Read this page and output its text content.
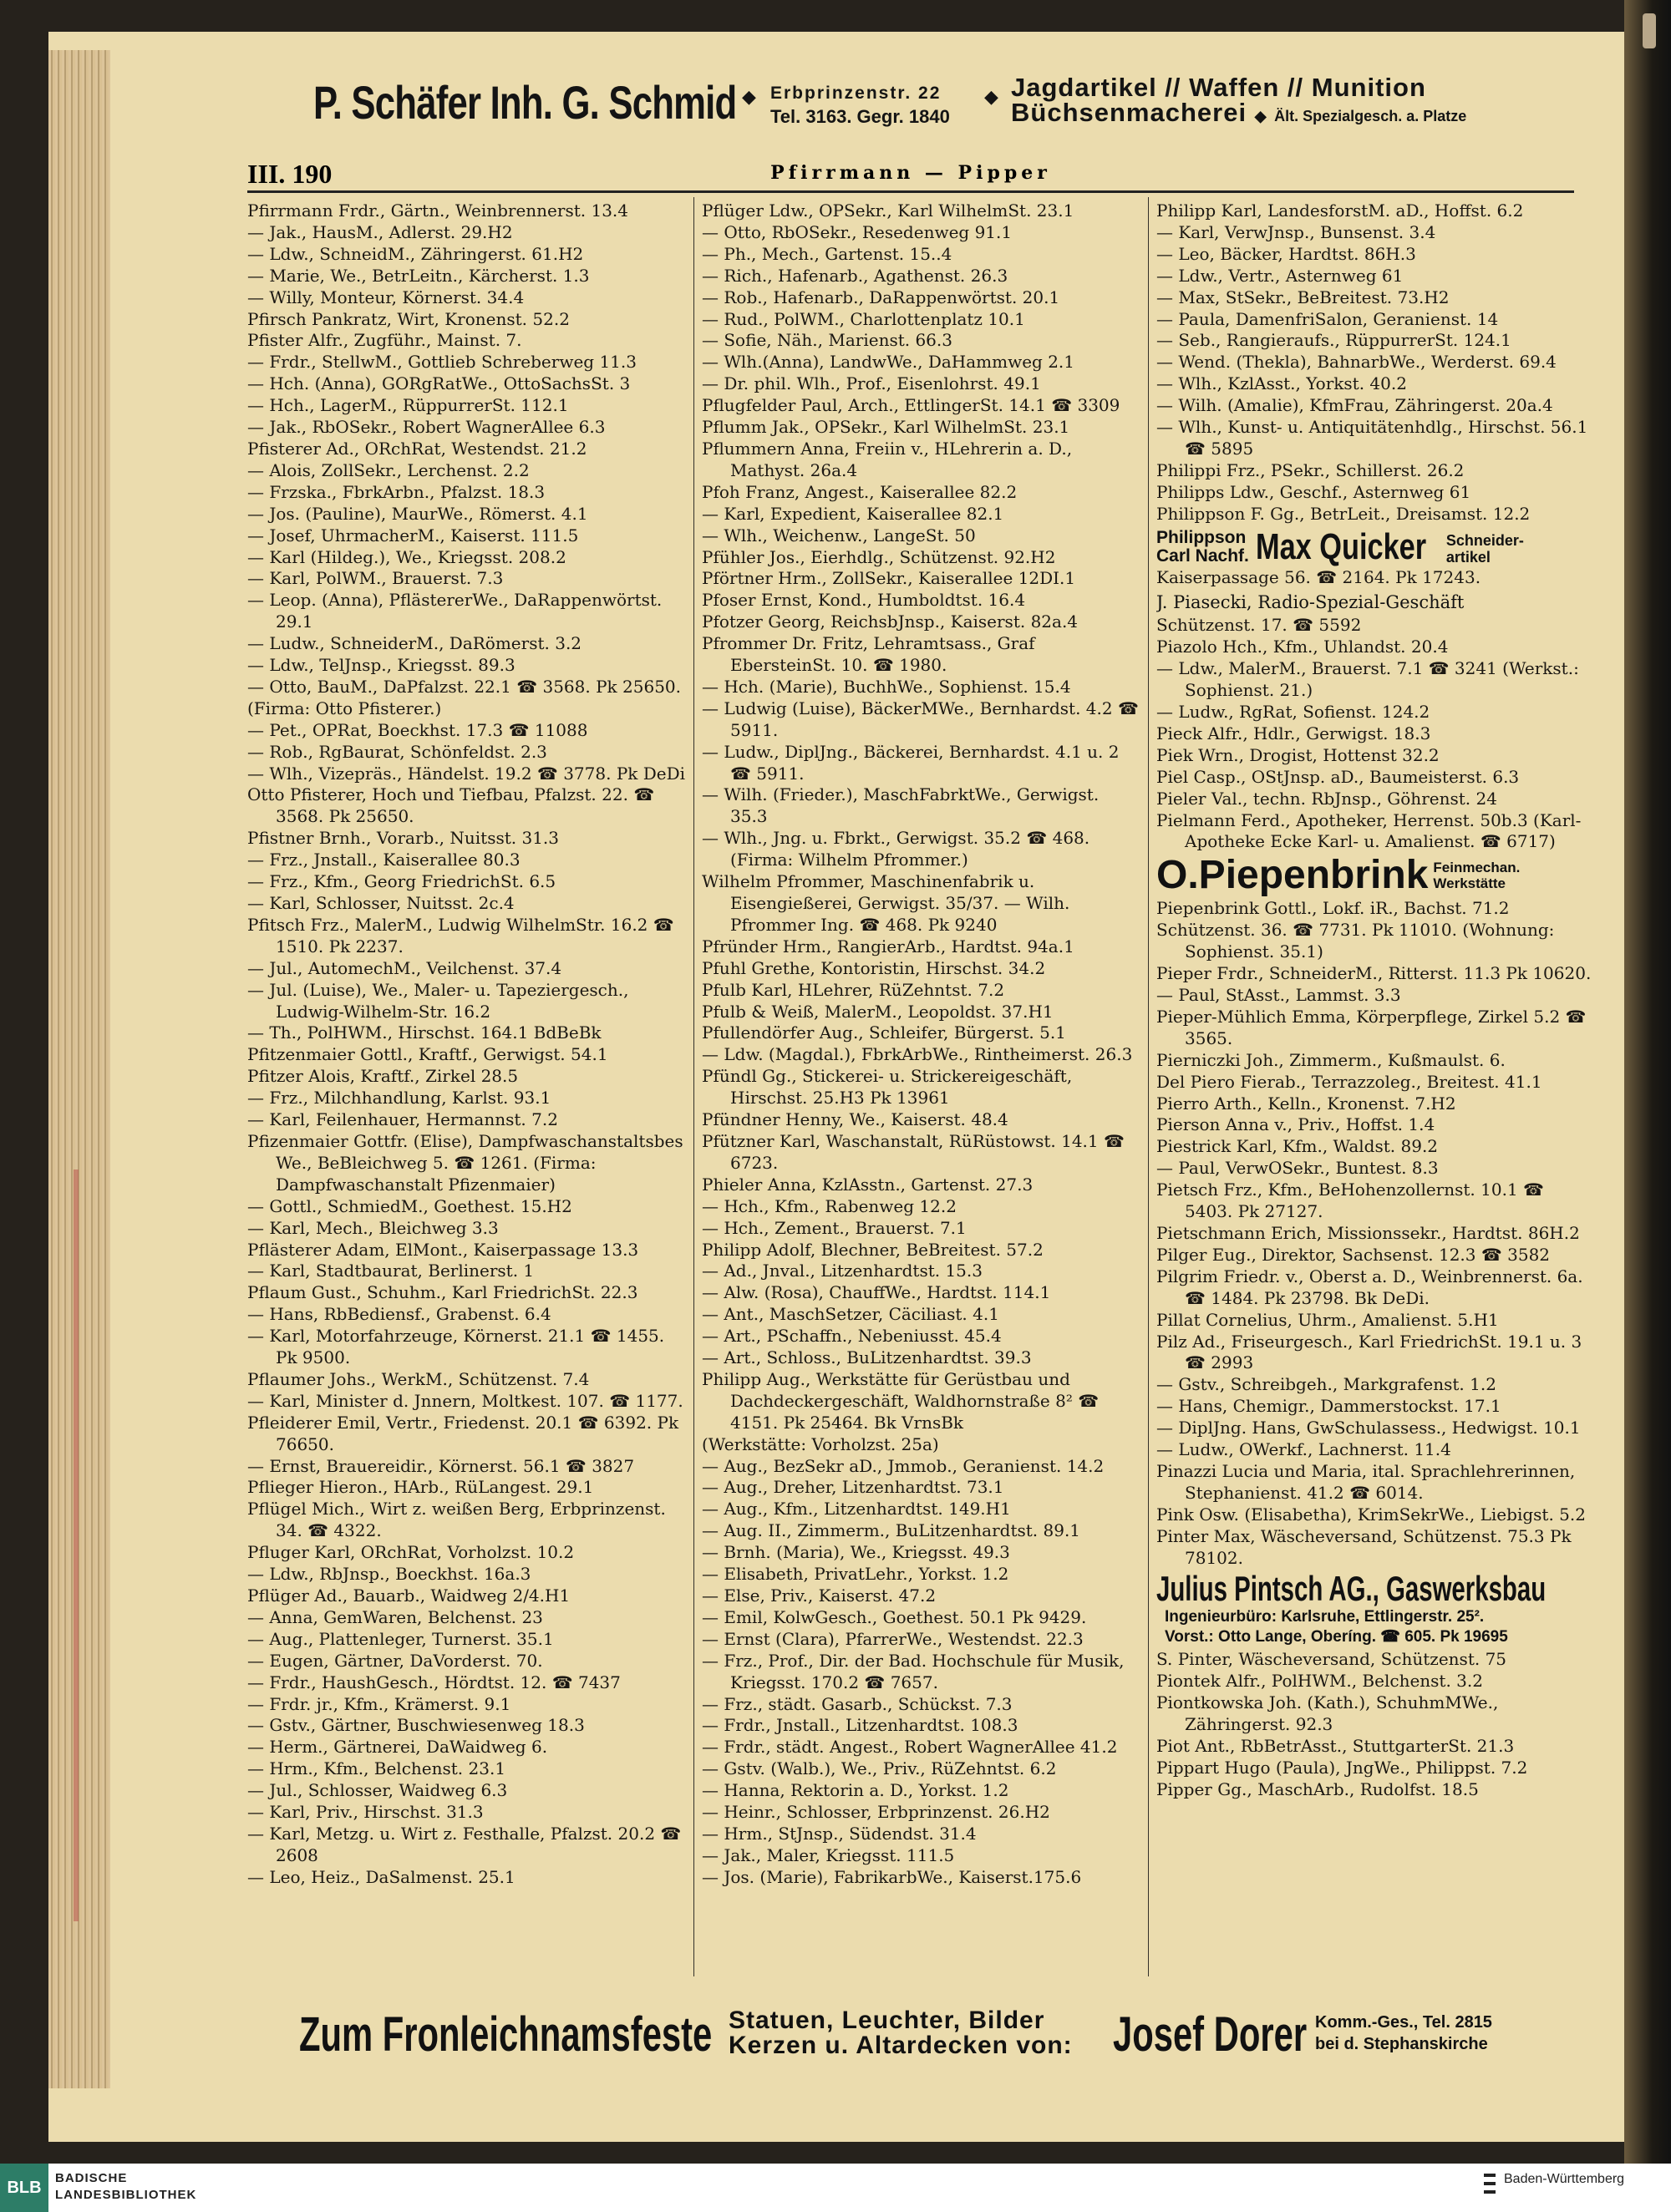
P. Schäfer Inh. G. Schmid ◆ Erbprinzenstr. 22
Tel. 3163. Gegr. 1840
◆ Jagdartikel // Waffen // Munition
Büchsenmacherei ◆ Ält. Spezialgesch. a. Platze
Pfirrmann — Pipper
III. 190

Pfirrmann Frdr., Gärtn., Weinbrennerst. 13.4

— Jak., HausM., Adlerst. 29.H2

— Ldw., SchneidM., Zähringerst. 61.H2

— Marie, We., BetrLeitn., Kärcherst. 1.3

— Willy, Monteur, Körnerst. 34.4

Pfirsch Pankratz, Wirt, Kronenst. 52.2

Pfister Alfr., Zugführ., Mainst. 7.

— Frdr., StellwM., Gottlieb Schreberweg 11.3

— Hch. (Anna), GORgRatWe., OttoSachsSt. 3

— Hch., LagerM., RüppurrerSt. 112.1

— Jak., RbOSekr., Robert WagnerAllee 6.3

Pfisterer Ad., ORchRat, Westendst. 21.2

— Alois, ZollSekr., Lerchenst. 2.2

— Frzska., FbrkArbn., Pfalzst. 18.3

— Jos. (Pauline), MaurWe., Römerst. 4.1

— Josef, UhrmacherM., Kaiserst. 111.5

— Karl (Hildeg.), We., Kriegsst. 208.2

— Karl, PolWM., Brauerst. 7.3

— Leop. (Anna), PflästererWe., DaRappenwörtst. 29.1

— Ludw., SchneiderM., DaRömerst. 3.2

— Ldw., TelJnsp., Kriegsst. 89.3

— Otto, BauM., DaPfalzst. 22.1 ☎ 3568. Pk 25650.

(Firma: Otto Pfisterer.)

— Pet., OPRat, Boeckhst. 17.3 ☎ 11088

— Rob., RgBaurat, Schönfeldst. 2.3

— Wlh., Vizepräs., Händelst. 19.2 ☎ 3778. Pk DeDi

Otto Pfisterer, Hoch und Tiefbau, Pfalzst. 22. ☎ 3568. Pk 25650.

Pfistner Brnh., Vorarb., Nuitsst. 31.3

— Frz., Jnstall., Kaiserallee 80.3

— Frz., Kfm., Georg FriedrichSt. 6.5

— Karl, Schlosser, Nuitsst. 2c.4

Pfitsch Frz., MalerM., Ludwig WilhelmStr. 16.2 ☎ 1510. Pk 2237.

— Jul., AutomechM., Veilchenst. 37.4

— Jul. (Luise), We., Maler- u. Tapeziergesch., Ludwig-Wilhelm-Str. 16.2

— Th., PolHWM., Hirschst. 164.1 BdBeBk

Pfitzenmaier Gottl., Kraftf., Gerwigst. 54.1

Pfitzer Alois, Kraftf., Zirkel 28.5

— Frz., Milchhandlung, Karlst. 93.1

— Karl, Feilenhauer, Hermannst. 7.2

Pfizenmaier Gottfr. (Elise), Dampfwaschanstaltsbes We., BeBleichweg 5. ☎ 1261. (Firma: Dampfwaschanstalt Pfizenmaier)

— Gottl., SchmiedM., Goethest. 15.H2

— Karl, Mech., Bleichweg 3.3

Pflästerer Adam, ElMont., Kaiserpassage 13.3

— Karl, Stadtbaurat, Berlinerst. 1

Pflaum Gust., Schuhm., Karl FriedrichSt. 22.3

— Hans, RbBediensf., Grabenst. 6.4

— Karl, Motorfahrzeuge, Körnerst. 21.1 ☎ 1455. Pk 9500.

Pflaumer Johs., WerkM., Schützenst. 7.4

— Karl, Minister d. Jnnern, Moltkest. 107. ☎ 1177.

Pfleiderer Emil, Vertr., Friedenst. 20.1 ☎ 6392. Pk 76650.

— Ernst, Brauereidir., Körnerst. 56.1 ☎ 3827

Pflieger Hieron., HArb., RüLangest. 29.1

Pflügel Mich., Wirt z. weißen Berg, Erbprinzenst. 34. ☎ 4322.

Pfluger Karl, ORchRat, Vorholzst. 10.2

— Ldw., RbJnsp., Boeckhst. 16a.3

Pflüger Ad., Bauarb., Waidweg 2/4.H1

— Anna, GemWaren, Belchenst. 23

— Aug., Plattenleger, Turnerst. 35.1

— Eugen, Gärtner, DaVorderst. 70.

— Frdr., HaushGesch., Hördtst. 12. ☎ 7437

— Frdr. jr., Kfm., Krämerst. 9.1

— Gstv., Gärtner, Buschwiesenweg 18.3

— Herm., Gärtnerei, DaWaidweg 6.

— Hrm., Kfm., Belchenst. 23.1

— Jul., Schlosser, Waidweg 6.3

— Karl, Priv., Hirschst. 31.3

— Karl, Metzg. u. Wirt z. Festhalle, Pfalzst. 20.2 ☎ 2608

— Leo, Heiz., DaSalmenst. 25.1

Pflüger Ldw., OPSekr., Karl WilhelmSt. 23.1

— Otto, RbOSekr., Resedenweg 91.1

— Ph., Mech., Gartenst. 15..4

— Rich., Hafenarb., Agathenst. 26.3

— Rob., Hafenarb., DaRappenwörtst. 20.1

— Rud., PolWM., Charlottenplatz 10.1

— Sofie, Näh., Marienst. 66.3

— Wlh.(Anna), LandwWe., DaHammweg 2.1

— Dr. phil. Wlh., Prof., Eisenlohrst. 49.1

Pflugfelder Paul, Arch., EttlingerSt. 14.1 ☎ 3309

Pflumm Jak., OPSekr., Karl WilhelmSt. 23.1

Pflummern Anna, Freiin v., HLehrerin a. D., Mathyst. 26a.4

Pfoh Franz, Angest., Kaiserallee 82.2

— Karl, Expedient, Kaiserallee 82.1

— Wlh., Weichenw., LangeSt. 50

Pfühler Jos., Eierhdlg., Schützenst. 92.H2

Pförtner Hrm., ZollSekr., Kaiserallee 12DI.1

Pfoser Ernst, Kond., Humboldtst. 16.4

Pfotzer Georg, ReichsbJnsp., Kaiserst. 82a.4

Pfrommer Dr. Fritz, Lehramtsass., Graf EbersteinSt. 10. ☎ 1980.

— Hch. (Marie), BuchhWe., Sophienst. 15.4

— Ludwig (Luise), BäckerMWe., Bernhardst. 4.2 ☎ 5911.

— Ludw., DiplJng., Bäckerei, Bernhardst. 4.1 u. 2 ☎ 5911.

— Wilh. (Frieder.), MaschFabrktWe., Gerwigst. 35.3

— Wlh., Jng. u. Fbrkt., Gerwigst. 35.2 ☎ 468. (Firma: Wilhelm Pfrommer.)

Wilhelm Pfrommer, Maschinenfabrik u. Eisengießerei, Gerwigst. 35/37. — Wilh. Pfrommer Ing. ☎ 468. Pk 9240

Pfründer Hrm., RangierArb., Hardtst. 94a.1

Pfuhl Grethe, Kontoristin, Hirschst. 34.2

Pfulb Karl, HLehrer, RüZehntst. 7.2

Pfulb & Weiß, MalerM., Leopoldst. 37.H1

Pfullendörfer Aug., Schleifer, Bürgerst. 5.1

— Ldw. (Magdal.), FbrkArbWe., Rintheimerst. 26.3

Pfündl Gg., Stickerei- u. Strickereigeschäft, Hirschst. 25.H3 Pk 13961

Pfündner Henny, We., Kaiserst. 48.4

Pfützner Karl, Waschanstalt, RüRüstowst. 14.1 ☎ 6723.

Phieler Anna, KzlAsstn., Gartenst. 27.3

— Hch., Kfm., Rabenweg 12.2

— Hch., Zement., Brauerst. 7.1

Philipp Adolf, Blechner, BeBreitest. 57.2

— Ad., Jnval., Litzenhardtst. 15.3

— Alw. (Rosa), ChauffWe., Hardtst. 114.1

— Ant., MaschSetzer, Cäciliast. 4.1

— Art., PSchaffn., Nebeniusst. 45.4

— Art., Schloss., BuLitzenhardtst. 39.3

Philipp Aug., Werkstätte für Gerüstbau und Dachdeckergeschäft, Waldhornstraße 8² ☎ 4151. Pk 25464. Bk VrnsBk

(Werkstätte: Vorholzst. 25a)

— Aug., BezSekr aD., Jmmob., Geranienst. 14.2

— Aug., Dreher, Litzenhardtst. 73.1

— Aug., Kfm., Litzenhardtst. 149.H1

— Aug. II., Zimmerm., BuLitzenhardtst. 89.1

— Brnh. (Maria), We., Kriegsst. 49.3

— Elisabeth, PrivatLehr., Yorkst. 1.2

— Else, Priv., Kaiserst. 47.2

— Emil, KolwGesch., Goethest. 50.1 Pk 9429.

— Ernst (Clara), PfarrerWe., Westendst. 22.3

— Frz., Prof., Dir. der Bad. Hochschule für Musik, Kriegsst. 170.2 ☎ 7657.

— Frz., städt. Gasarb., Schückst. 7.3

— Frdr., Jnstall., Litzenhardtst. 108.3

— Frdr., städt. Angest., Robert WagnerAllee 41.2

— Gstv. (Walb.), We., Priv., RüZehntst. 6.2

— Hanna, Rektorin a. D., Yorkst. 1.2

— Heinr., Schlosser, Erbprinzenst. 26.H2

— Hrm., StJnsp., Südendst. 31.4

— Jak., Maler, Kriegsst. 111.5

— Jos. (Marie), FabrikarbWe., Kaiserst.175.6

Philipp Karl, LandesforstM. aD., Hoffst. 6.2

— Karl, VerwJnsp., Bunsenst. 3.4

— Leo, Bäcker, Hardtst. 86H.3

— Ldw., Vertr., Asternweg 61

— Max, StSekr., BeBreitest. 73.H2

— Paula, DamenfriSalon, Geranienst. 14

— Seb., Rangieraufs., RüppurrerSt. 124.1

— Wend. (Thekla), BahnarbWe., Werderst. 69.4

— Wlh., KzlAsst., Yorkst. 40.2

— Wilh. (Amalie), KfmFrau, Zähringerst. 20a.4

— Wlh., Kunst- u. Antiquitätenhdlg., Hirschst. 56.1 ☎ 5895

Philippi Frz., PSekr., Schillerst. 26.2

Philipps Ldw., Geschf., Asternweg 61

Philippson F. Gg., BetrLeit., Dreisamst. 12.2

Philippson
Carl Nachf. Max Quicker Schneider-
artikel

Kaiserpassage 56. ☎ 2164. Pk 17243.

J. Piasecki, Radio-Spezial-Geschäft

Schützenst. 17. ☎ 5592

Piazolo Hch., Kfm., Uhlandst. 20.4

— Ldw., MalerM., Brauerst. 7.1 ☎ 3241 (Werkst.: Sophienst. 21.)

— Ludw., RgRat, Sofienst. 124.2

Pieck Alfr., Hdlr., Gerwigst. 18.3

Piek Wrn., Drogist, Hottenst 32.2

Piel Casp., OStJnsp. aD., Baumeisterst. 6.3

Pieler Val., techn. RbJnsp., Göhrenst. 24

Pielmann Ferd., Apotheker, Herrenst. 50b.3 (Karl-Apotheke Ecke Karl- u. Amalienst. ☎ 6717)

O.Piepenbrink Feinmechan.
Werkstätte

Piepenbrink Gottl., Lokf. iR., Bachst. 71.2

Schützenst. 36. ☎ 7731. Pk 11010. (Wohnung: Sophienst. 35.1)

Pieper Frdr., SchneiderM., Ritterst. 11.3 Pk 10620.

— Paul, StAsst., Lammst. 3.3

Pieper-Mühlich Emma, Körperpflege, Zirkel 5.2 ☎ 3565.

Pierniczki Joh., Zimmerm., Kußmaulst. 6.

Del Piero Fierab., Terrazzoleg., Breitest. 41.1

Pierro Arth., Kelln., Kronenst. 7.H2

Pierson Anna v., Priv., Hoffst. 1.4

Piestrick Karl, Kfm., Waldst. 89.2

— Paul, VerwOSekr., Buntest. 8.3

Pietsch Frz., Kfm., BeHohenzollernst. 10.1 ☎ 5403. Pk 27127.

Pietschmann Erich, Missionssekr., Hardtst. 86H.2

Pilger Eug., Direktor, Sachsenst. 12.3 ☎ 3582

Pilgrim Friedr. v., Oberst a. D., Weinbrennerst. 6a. ☎ 1484. Pk 23798. Bk DeDi.

Pillat Cornelius, Uhrm., Amalienst. 5.H1

Pilz Ad., Friseurgesch., Karl FriedrichSt. 19.1 u. 3 ☎ 2993

— Gstv., Schreibgeh., Markgrafenst. 1.2

— Hans, Chemigr., Dammerstockst. 17.1

— DiplJng. Hans, GwSchulassess., Hedwigst. 10.1

— Ludw., OWerkf., Lachnerst. 11.4

Pinazzi Lucia und Maria, ital. Sprachlehrerinnen, Stephanienst. 41.2 ☎ 6014.

Pink Osw. (Elisabetha), KrimSekrWe., Liebigst. 5.2

Pinter Max, Wäscheversand, Schützenst. 75.3 Pk 78102.

Julius Pintsch AG., Gaswerksbau
Ingenieurbüro: Karlsruhe, Ettlingerstr. 25².
Vorst.: Otto Lange, Oberíng. ☎ 605. Pk 19695

S. Pinter, Wäscheversand, Schützenst. 75

Piontek Alfr., PolHWM., Belchenst. 3.2

Piontkowska Joh. (Kath.), SchuhmMWe., Zähringerst. 92.3

Piot Ant., RbBetrAsst., StuttgarterSt. 21.3

Pippart Hugo (Paula), JngWe., Philippst. 7.2

Pipper Gg., MaschArb., Rudolfst. 18.5

Zum Fronleichnamsfeste Statuen, Leuchter, Bilder
Kerzen u. Altardecken von: Josef Dorer Komm.-Ges., Tel. 2815
bei d. Stephanskirche
BLB
BADISCHE
LANDESBIBLIOTHEK
Baden-Württemberg
